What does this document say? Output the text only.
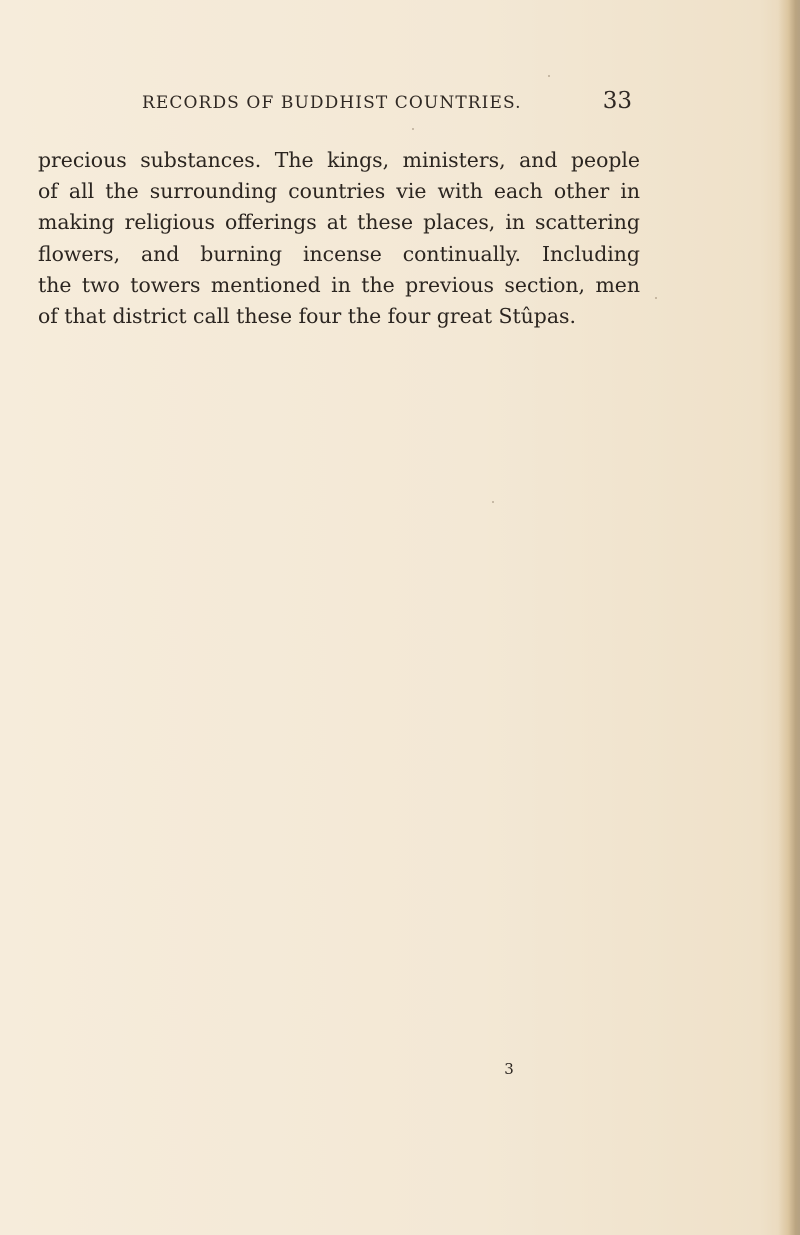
RECORDS OF BUDDHIST COUNTRIES.	33
precious substances. The kings, ministers, and people
of all the surrounding countries vie with each other in
making religious offerings at these places, in scattering
flowers, and burning incense continually. Including
the two towers mentioned in the previous section, men
of that district call these four the four great Stûpas.
3
